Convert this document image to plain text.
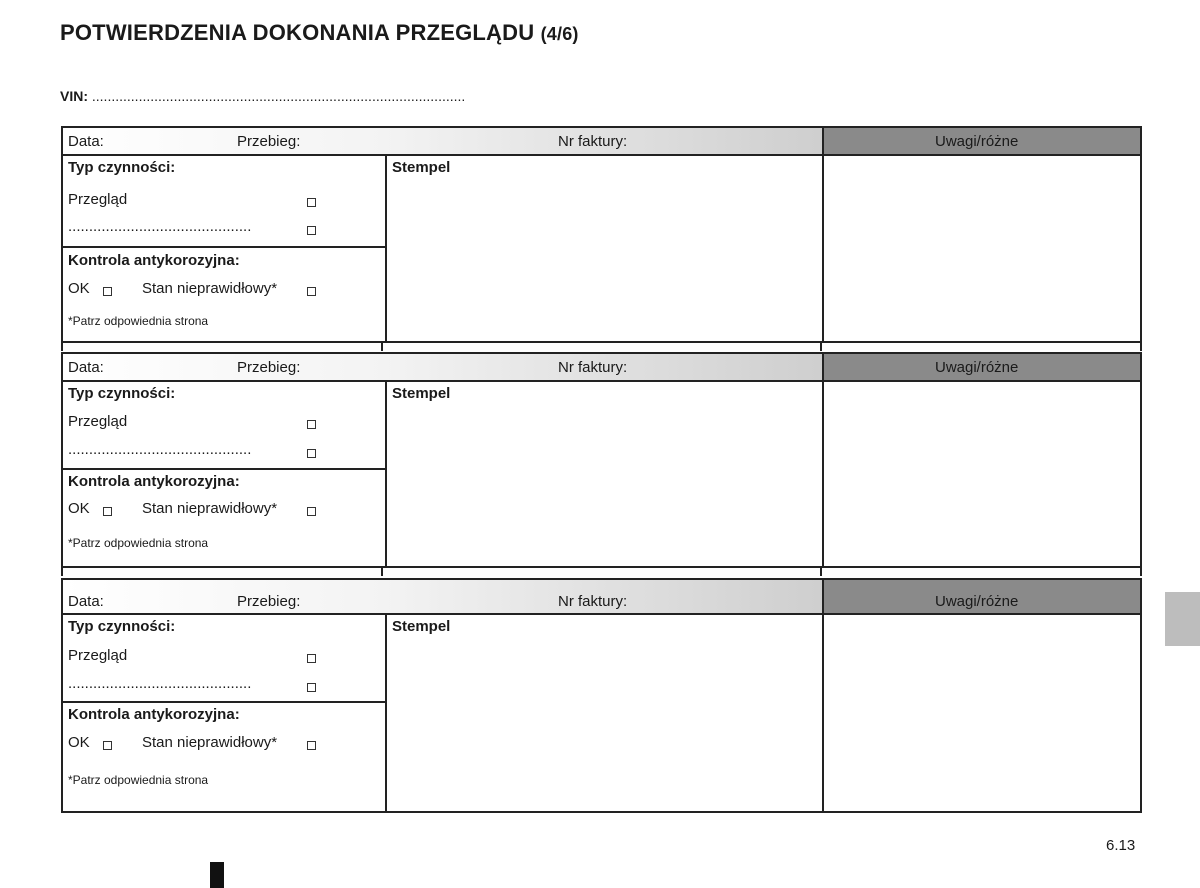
POTWIERDZENIA DOKONANIA PRZEGLĄDU (4/6)
VIN: ................................................................................................
Data:	Przebieg:	Nr faktury:	Uwagi/różne
Typ czynności:
Przegląd
............................................
Kontrola antykorozyjna:
OK	Stan nieprawidłowy*
*Patrz odpowiednia strona
Stempel
Data:	Przebieg:	Nr faktury:	Uwagi/różne
Typ czynności:
Przegląd
............................................
Kontrola antykorozyjna:
OK	Stan nieprawidłowy*
*Patrz odpowiednia strona
Stempel
Data:	Przebieg:	Nr faktury:	Uwagi/różne
Typ czynności:
Przegląd
............................................
Kontrola antykorozyjna:
OK	Stan nieprawidłowy*
*Patrz odpowiednia strona
Stempel
6.13
